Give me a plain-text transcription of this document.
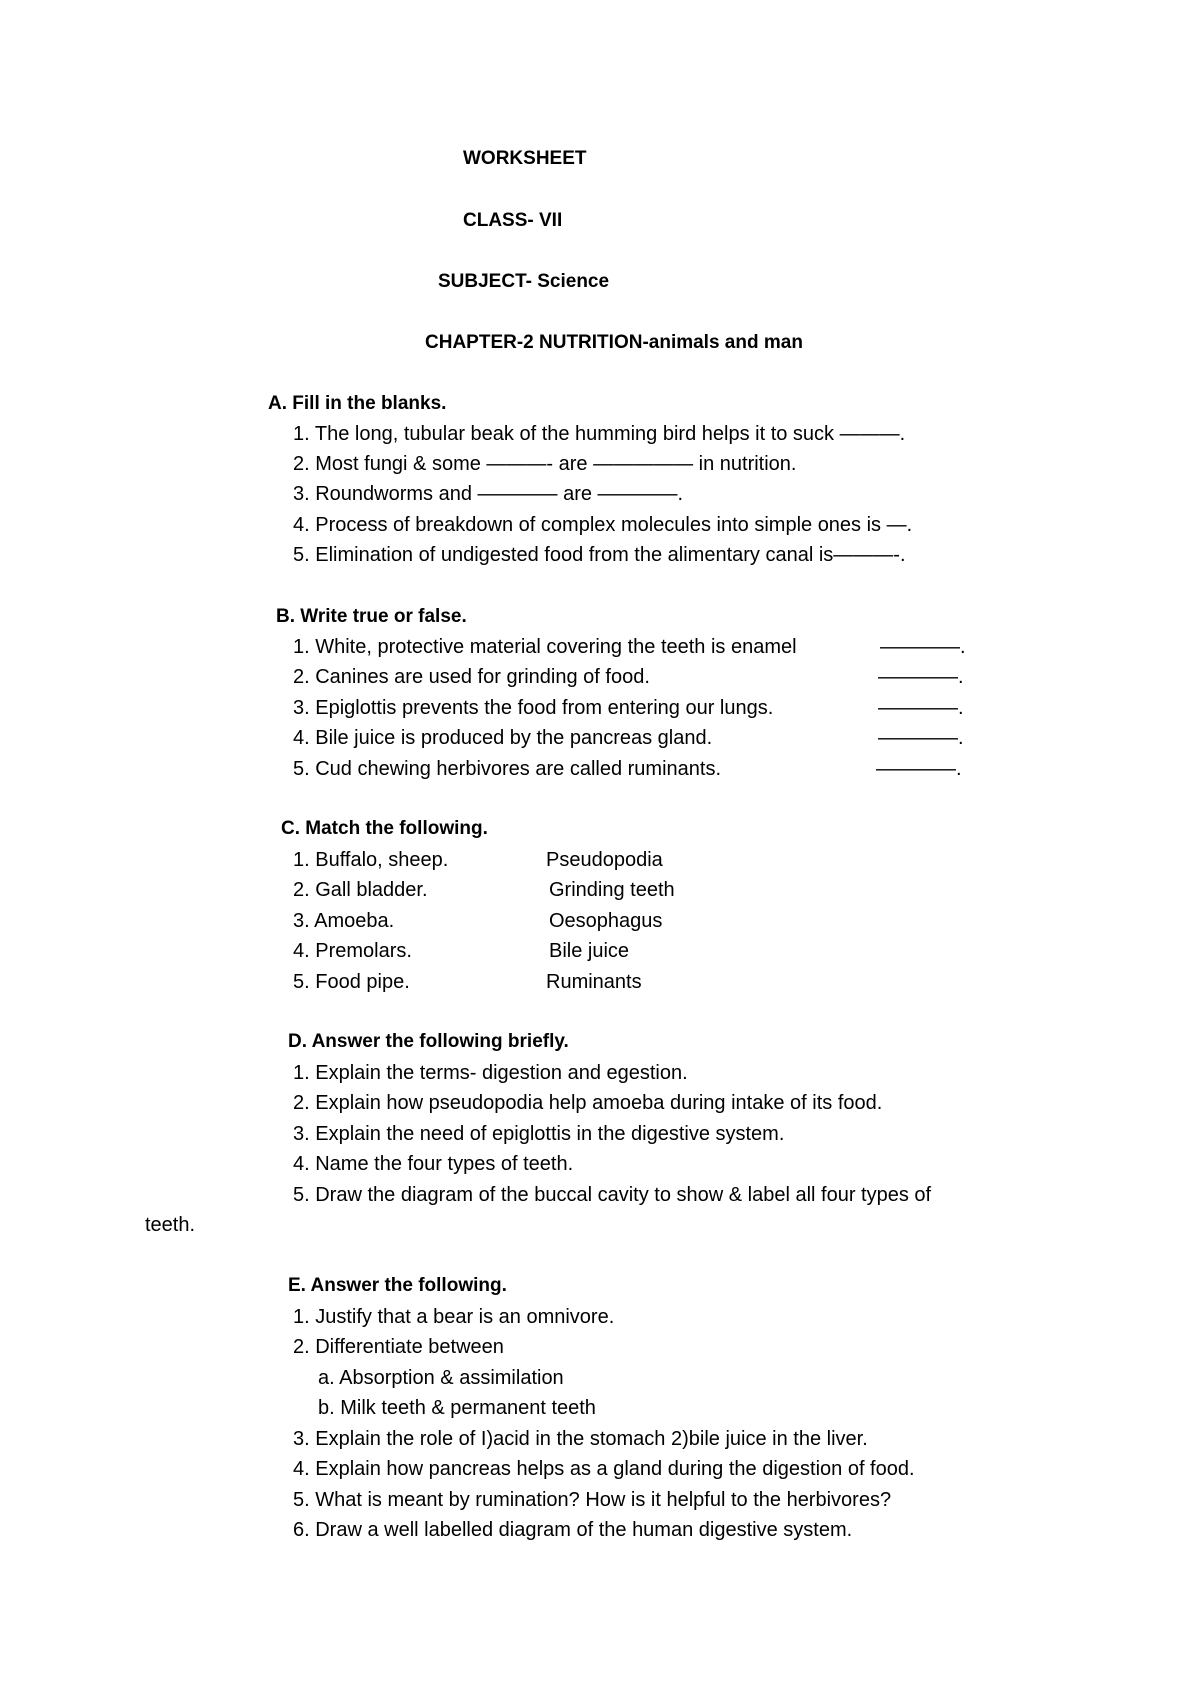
WORKSHEET
CLASS- VII
SUBJECT- Science
CHAPTER-2 NUTRITION-animals and man
A. Fill in the blanks.
1. The long, tubular beak of the humming bird helps it to suck ———.
2. Most fungi & some ———- are ————— in nutrition.
3. Roundworms and ———— are ————.
4. Process of breakdown of complex molecules into simple ones is —.
5. Elimination of undigested food from the alimentary canal is———-.
B. Write true or false.
1. White, protective material covering the teeth is enamel	————.
2. Canines are used for grinding of food.	————.
3. Epiglottis prevents the food from entering our lungs.	————.
4. Bile juice is produced by the pancreas gland.	————.
5. Cud chewing herbivores are called ruminants.	————.
C. Match the following.
1. Buffalo, sheep.	Pseudopodia
2. Gall bladder.	Grinding teeth
3. Amoeba.	Oesophagus
4. Premolars.	Bile juice
5. Food pipe.	Ruminants
D. Answer the following briefly.
1. Explain the terms- digestion and egestion.
2. Explain how pseudopodia help amoeba during intake of its food.
3. Explain the need of epiglottis in the digestive system.
4. Name the four types of teeth.
5. Draw the diagram of the buccal cavity to show & label all four types of
teeth.
E. Answer the following.
1. Justify that a bear is an omnivore.
2. Differentiate between
a. Absorption & assimilation
b. Milk teeth & permanent teeth
3. Explain the role of I)acid in the stomach 2)bile juice in the liver.
4. Explain how pancreas helps as a gland during the digestion of food.
5. What is meant by rumination? How is it helpful to the herbivores?
6. Draw a well labelled diagram of the human digestive system.
